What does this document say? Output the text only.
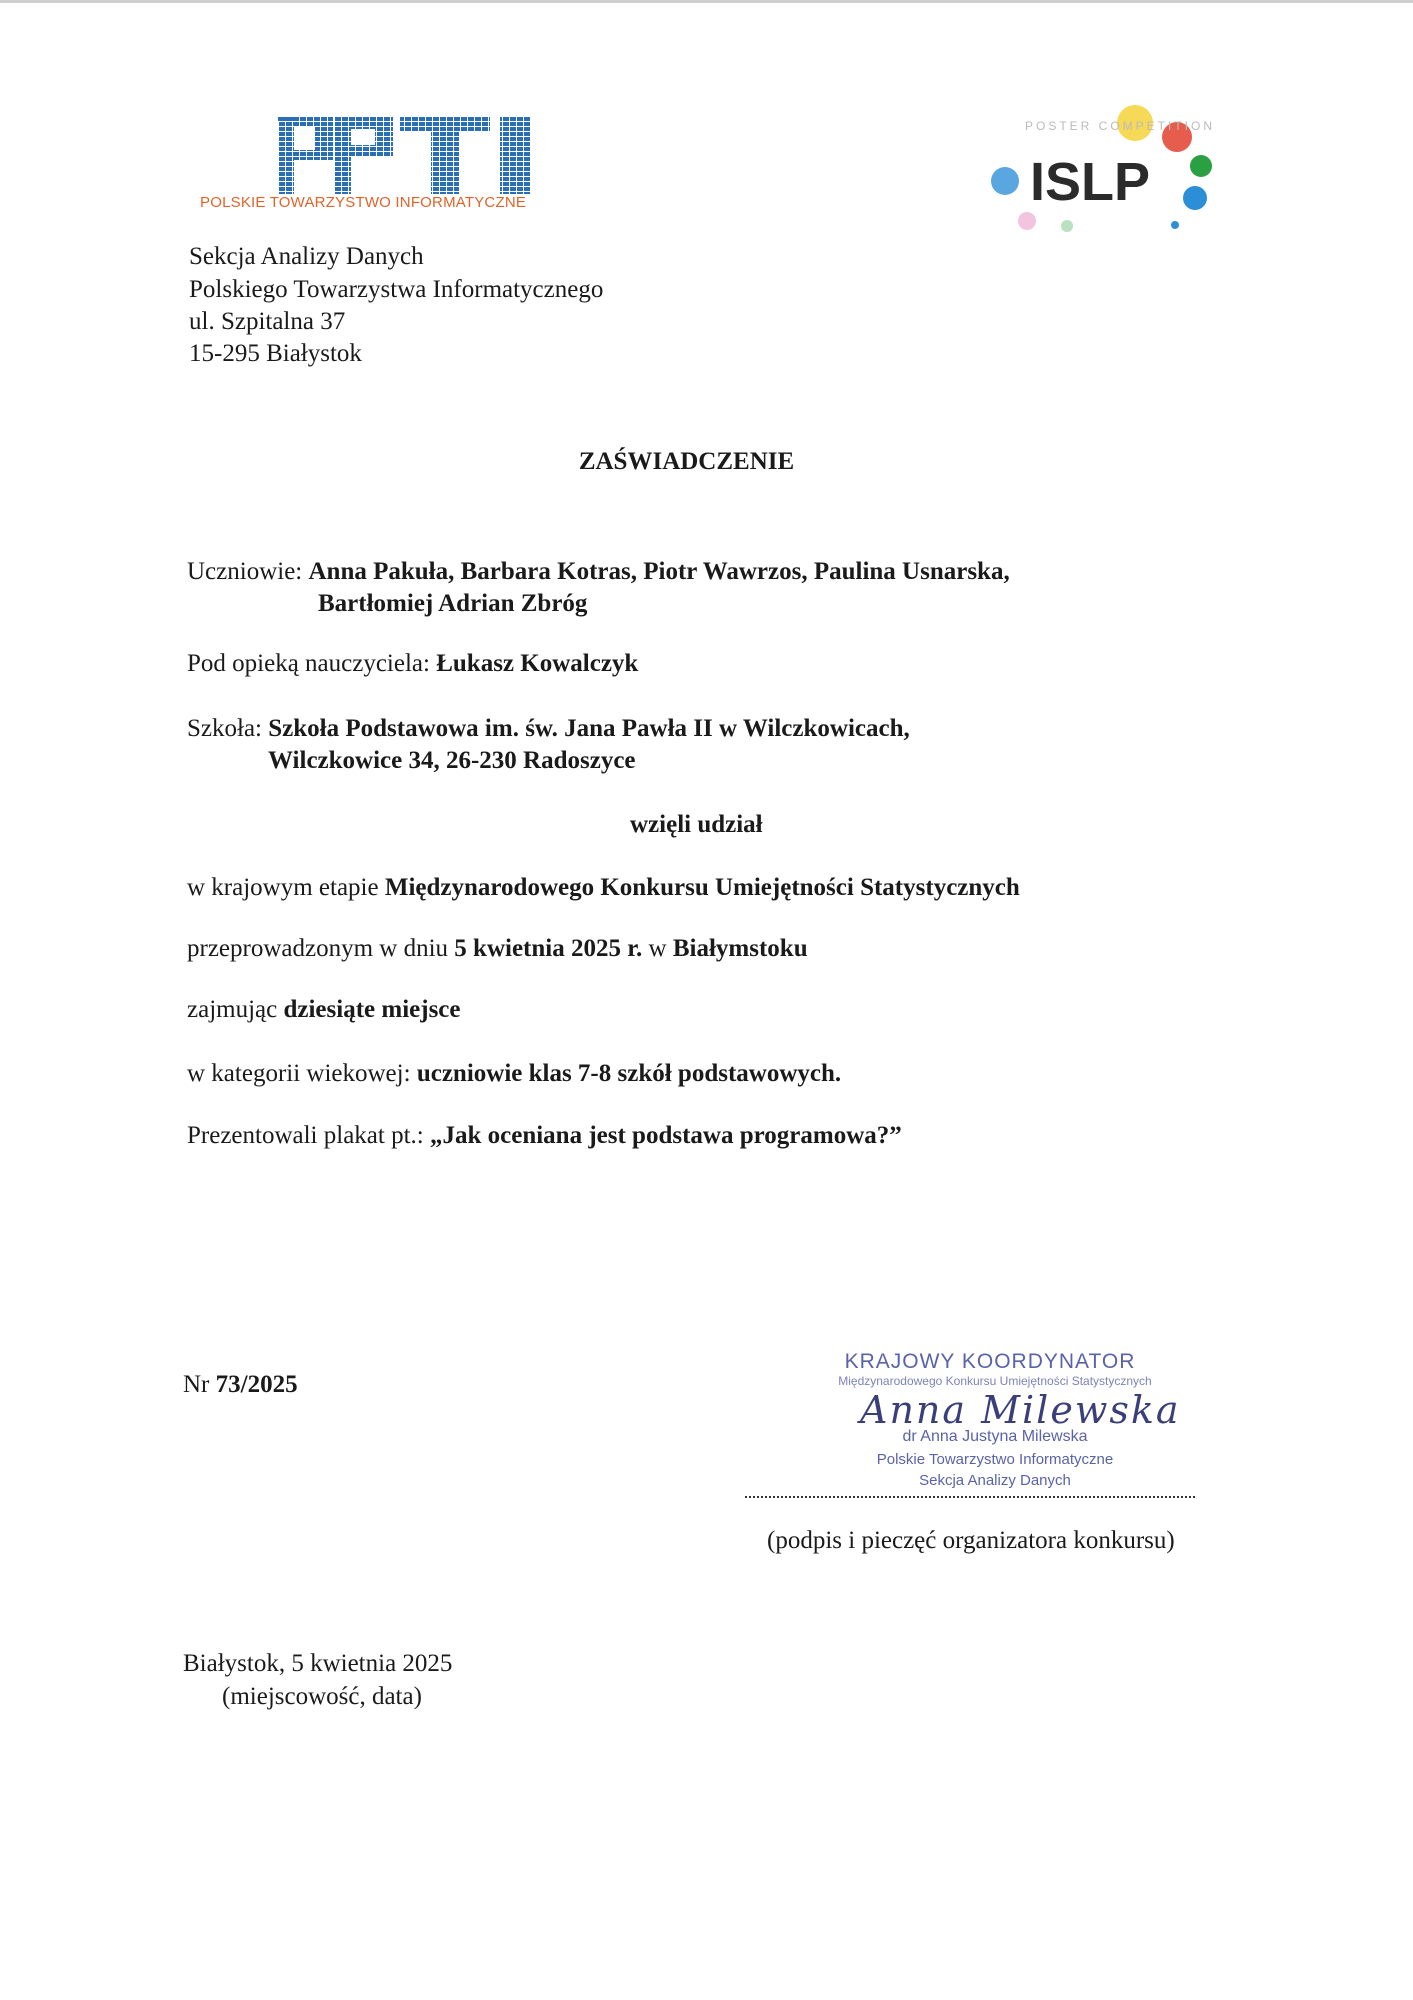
POLSKIE TOWARZYSTWO INFORMATYCZNE
POSTER COMPETITION
ISLP
Sekcja Analizy Danych
Polskiego Towarzystwa Informatycznego
ul. Szpitalna 37
15-295 Białystok
ZAŚWIADCZENIE
Uczniowie: Anna Pakuła, Barbara Kotras, Piotr Wawrzos, Paulina Usnarska,
Bartłomiej Adrian Zbróg
Pod opieką nauczyciela: Łukasz Kowalczyk
Szkoła: Szkoła Podstawowa im. św. Jana Pawła II w Wilczkowicach,
Wilczkowice 34, 26-230 Radoszyce
wzięli udział
w krajowym etapie Międzynarodowego Konkursu Umiejętności Statystycznych
przeprowadzonym w dniu 5 kwietnia 2025 r. w Białymstoku
zajmując dziesiąte miejsce
w kategorii wiekowej: uczniowie klas 7-8 szkół podstawowych.
Prezentowali plakat pt.: „Jak oceniana jest podstawa programowa?”
Nr 73/2025
KRAJOWY KOORDYNATOR
Międzynarodowego Konkursu Umiejętności Statystycznych
Anna Milewska
dr Anna Justyna Milewska
Polskie Towarzystwo Informatyczne
Sekcja Analizy Danych
(podpis i pieczęć organizatora konkursu)
Białystok, 5 kwietnia 2025
(miejscowość, data)
